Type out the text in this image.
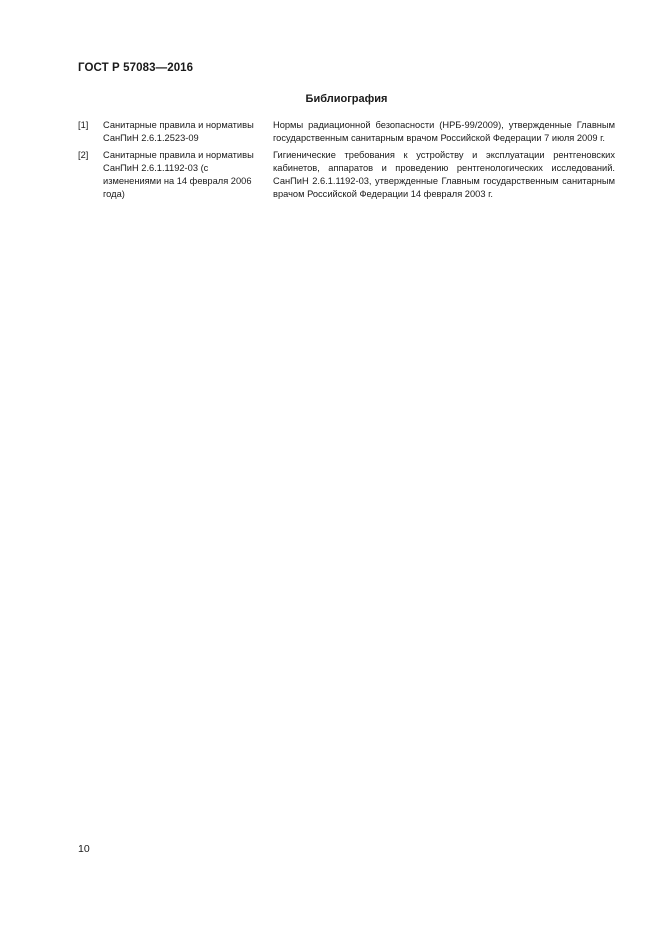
ГОСТ Р 57083—2016
Библиография
[1]	Санитарные правила и нормативы СанПиН 2.6.1.2523-09
Нормы радиационной безопасности (НРБ-99/2009), утвержденные Главным государственным санитарным врачом Российской Федерации 7 июля 2009 г.
[2]	Санитарные правила и нормативы СанПиН 2.6.1.1192-03 (с изменениями на 14 февраля 2006 года)
Гигиенические требования к устройству и эксплуатации рентгеновских кабинетов, аппаратов и проведению рентгенологических исследований. СанПиН 2.6.1.1192-03, утвержденные Главным государственным санитарным врачом Российской Федерации 14 февраля 2003 г.
10
